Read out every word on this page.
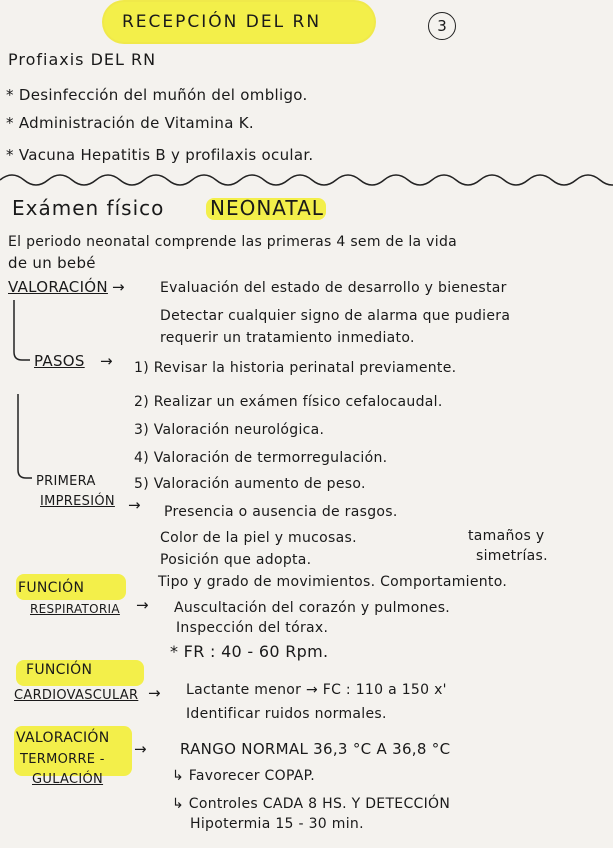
RECEPCIÓN DEL RN	3
Profiaxis DEL RN
* Desinfección del muñón del ombligo.
* Administración de Vitamina K.
* Vacuna Hepatitis B y profilaxis ocular.
Exámen físico NEONATAL
El periodo neonatal comprende las primeras 4 sem de la vida
de un bebé
VALORACIÓN →	Evaluación del estado de desarrollo y bienestar
Detectar cualquier signo de alarma que pudiera
requerir un tratamiento inmediato.
PASOS → 1) Revisar la historia perinatal previamente.
2) Realizar un exámen físico cefalocaudal.
3) Valoración neurológica.
4) Valoración de termorregulación.
5) Valoración aumento de peso.
PRIMERA
IMPRESIÓN → Presencia o ausencia de rasgos.
Color de la piel y mucosas.	tamaños y
Posición que adopta.	simetrías.
Tipo y grado de movimientos. Comportamiento.
FUNCIÓN
RESPIRATORIA → Auscultación del corazón y pulmones.
Inspección del tórax.
* FR : 40 - 60 Rpm.
FUNCIÓN
CARDIOVASCULAR → Lactante menor → FC : 110 a 150 x'
Identificar ruidos normales.
VALORACIÓN
TERMORRE -
GULACIÓN
→ RANGO NORMAL 36,3 °C A 36,8 °C
↳ Favorecer COPAP.
↳ Controles CADA 8 HS. Y DETECCIÓN
Hipotermia 15 - 30 min.
